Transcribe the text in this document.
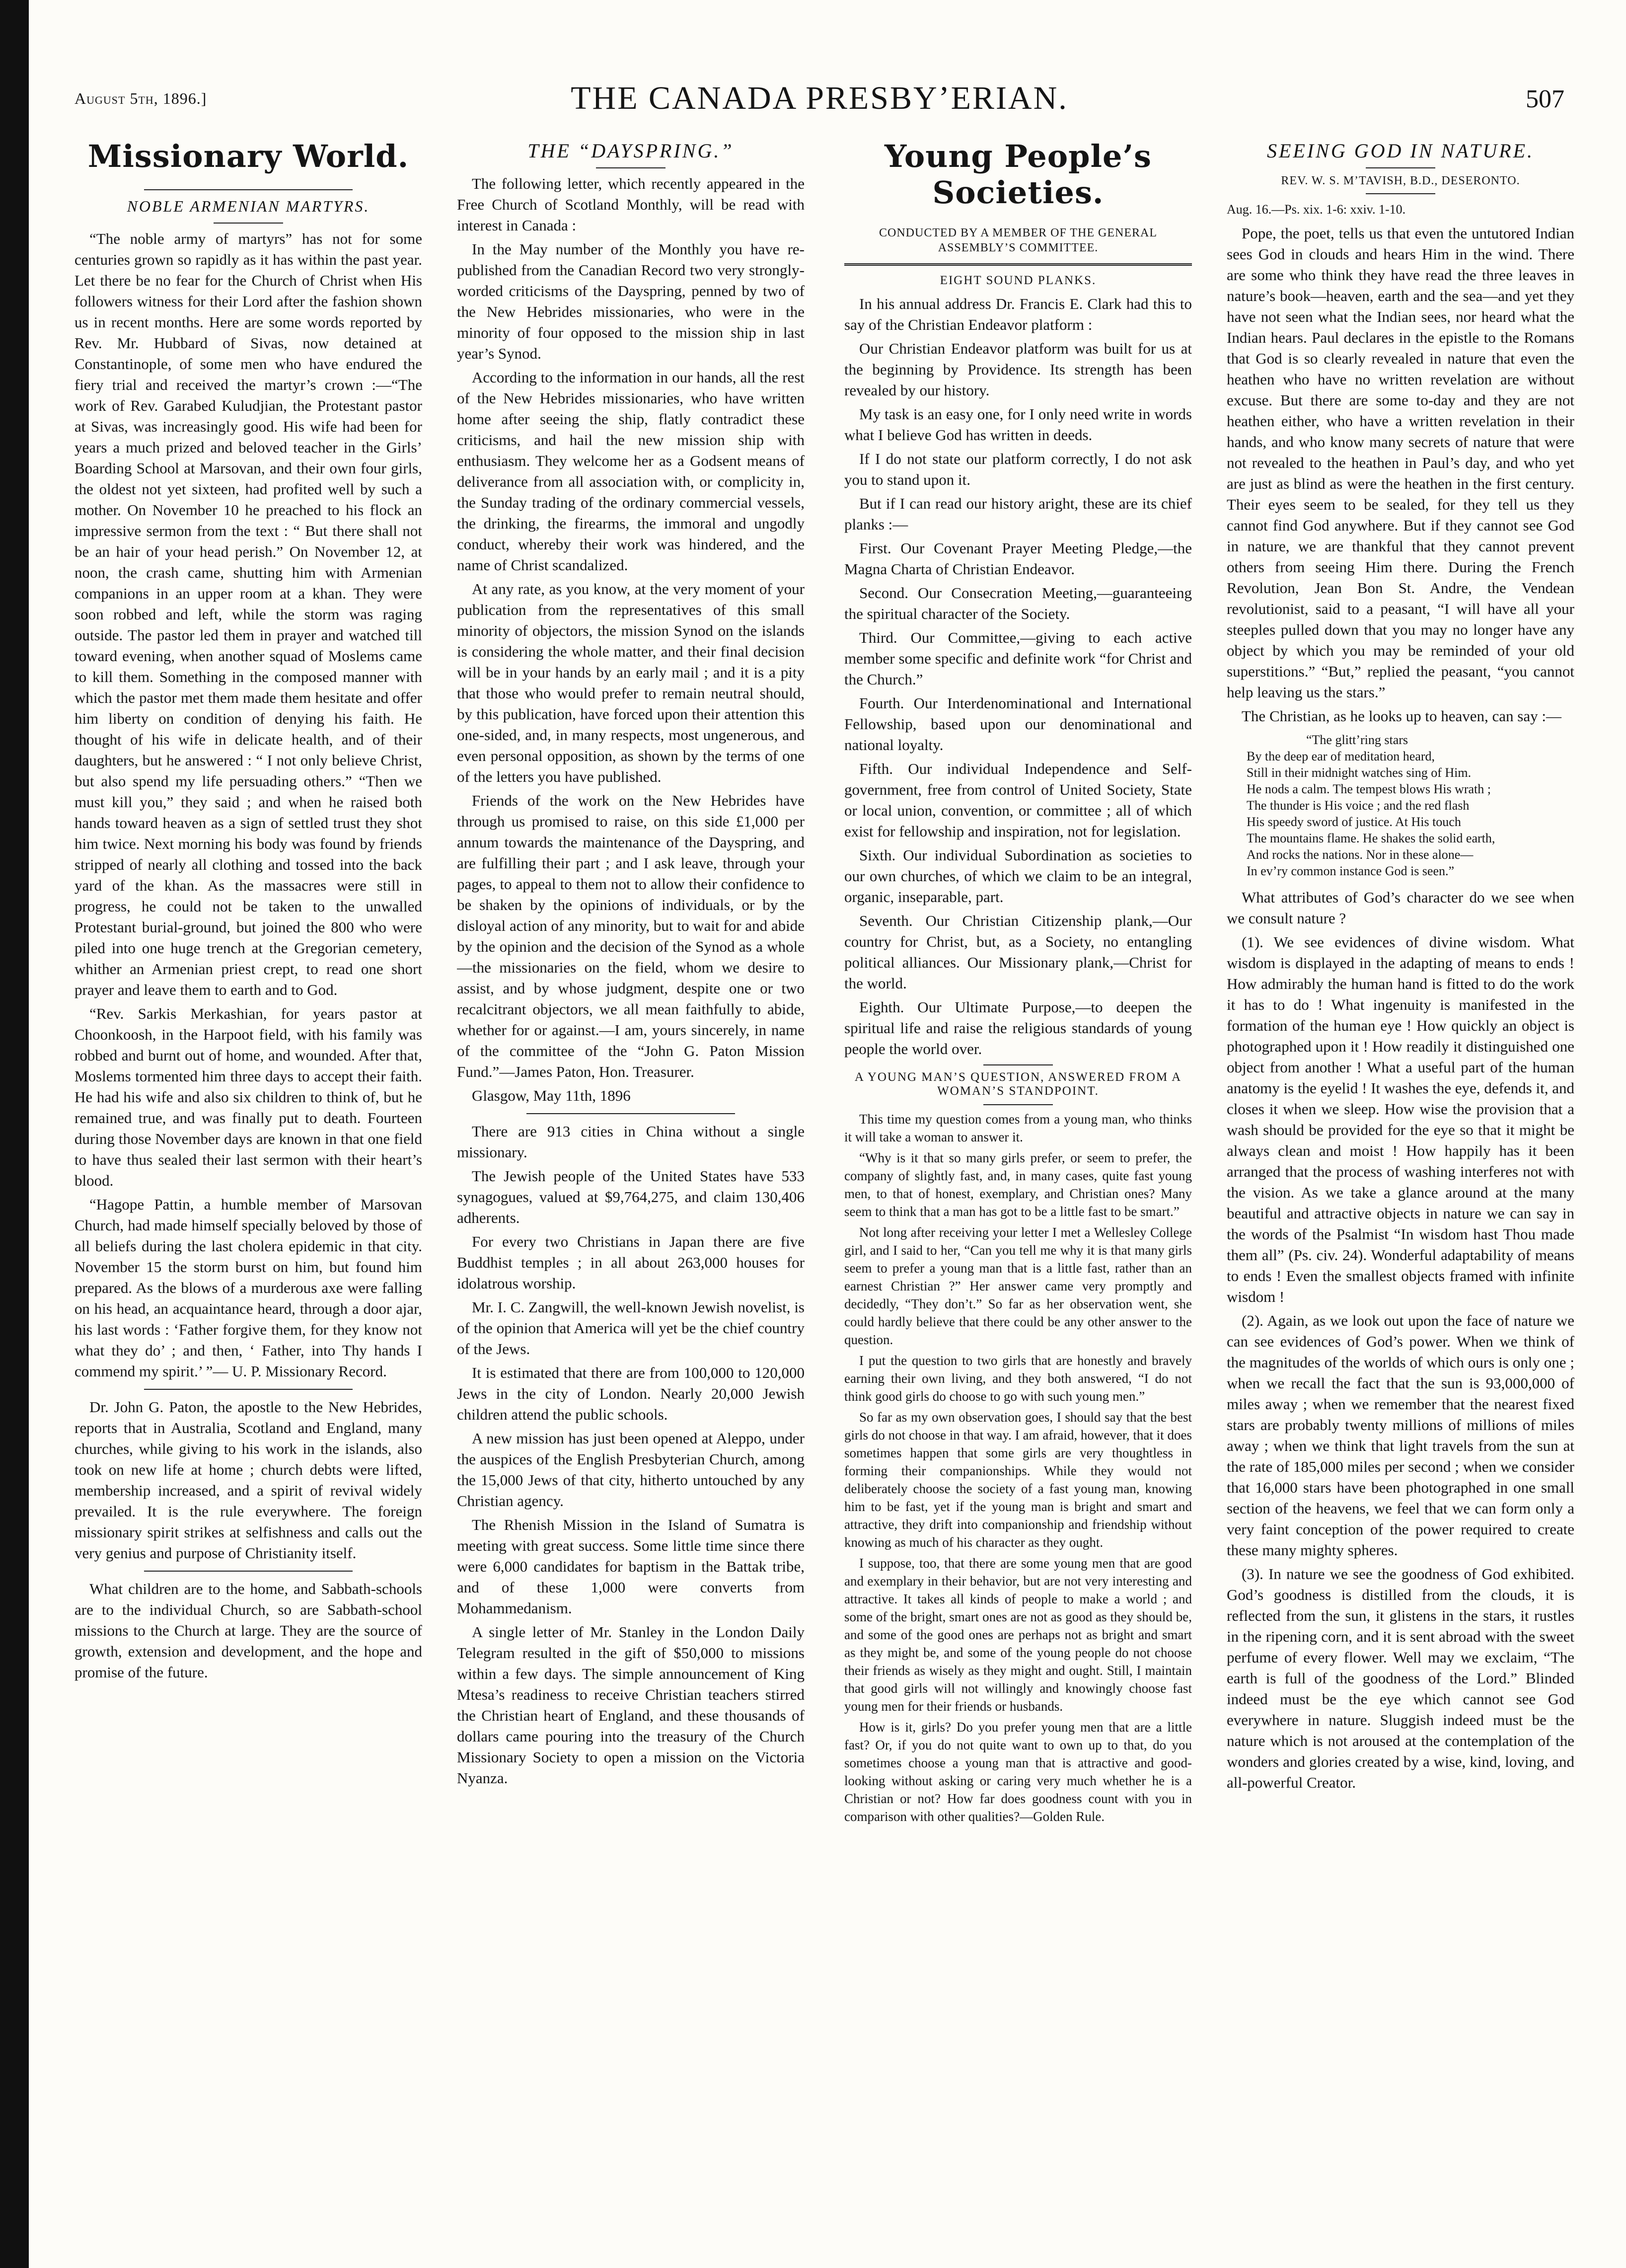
August 5th, 1896.]	THE CANADA PRESBY’ERIAN.	507
Missionary World.
NOBLE ARMENIAN MARTYRS.

“The noble army of martyrs” has not for some centuries grown so rapidly as it has within the past year. Let there be no fear for the Church of Christ when His followers witness for their Lord after the fashion shown us in recent months. Here are some words reported by Rev. Mr. Hubbard of Sivas, now detained at Constantinople, of some men who have endured the fiery trial and received the martyr’s crown :—“The work of Rev. Garabed Kuludjian, the Protestant pastor at Sivas, was increasingly good. His wife had been for years a much prized and beloved teacher in the Girls’ Boarding School at Marsovan, and their own four girls, the oldest not yet sixteen, had profited well by such a mother. On November 10 he preached to his flock an impressive sermon from the text : “ But there shall not be an hair of your head perish.” On November 12, at noon, the crash came, shutting him with Armenian companions in an upper room at a khan. They were soon robbed and left, while the storm was raging outside. The pastor led them in prayer and watched till toward evening, when another squad of Moslems came to kill them. Something in the composed manner with which the pastor met them made them hesitate and offer him liberty on condition of denying his faith. He thought of his wife in delicate health, and of their daughters, but he answered : “ I not only believe Christ, but also spend my life persuading others.” “Then we must kill you,” they said ; and when he raised both hands toward heaven as a sign of settled trust they shot him twice. Next morning his body was found by friends stripped of nearly all clothing and tossed into the back yard of the khan. As the massacres were still in progress, he could not be taken to the unwalled Protestant burial-ground, but joined the 800 who were piled into one huge trench at the Gregorian cemetery, whither an Armenian priest crept, to read one short prayer and leave them to earth and to God.

“Rev. Sarkis Merkashian, for years pastor at Choonkoosh, in the Harpoot field, with his family was robbed and burnt out of home, and wounded. After that, Moslems tormented him three days to accept their faith. He had his wife and also six children to think of, but he remained true, and was finally put to death. Fourteen during those November days are known in that one field to have thus sealed their last sermon with their heart’s blood.

“Hagope Pattin, a humble member of Marsovan Church, had made himself specially beloved by those of all beliefs during the last cholera epidemic in that city. November 15 the storm burst on him, but found him prepared. As the blows of a murderous axe were falling on his head, an acquaintance heard, through a door ajar, his last words : ‘Father forgive them, for they know not what they do’ ; and then, ‘ Father, into Thy hands I commend my spirit.’ ”— U. P. Missionary Record.

Dr. John G. Paton, the apostle to the New Hebrides, reports that in Australia, Scotland and England, many churches, while giving to his work in the islands, also took on new life at home ; church debts were lifted, membership increased, and a spirit of revival widely prevailed. It is the rule everywhere. The foreign missionary spirit strikes at selfishness and calls out the very genius and purpose of Christianity itself.

What children are to the home, and Sabbath-schools are to the individual Church, so are Sabbath-school missions to the Church at large. They are the source of growth, extension and development, and the hope and promise of the future.

THE “DAYSPRING.”

The following letter, which recently appeared in the Free Church of Scotland Monthly, will be read with interest in Canada :

In the May number of the Monthly you have re-published from the Canadian Record two very strongly-worded criticisms of the Dayspring, penned by two of the New Hebrides missionaries, who were in the minority of four opposed to the mission ship in last year’s Synod.

According to the information in our hands, all the rest of the New Hebrides missionaries, who have written home after seeing the ship, flatly contradict these criticisms, and hail the new mission ship with enthusiasm. They welcome her as a Godsent means of deliverance from all association with, or complicity in, the Sunday trading of the ordinary commercial vessels, the drinking, the firearms, the immoral and ungodly conduct, whereby their work was hindered, and the name of Christ scandalized.

At any rate, as you know, at the very moment of your publication from the representatives of this small minority of objectors, the mission Synod on the islands is considering the whole matter, and their final decision will be in your hands by an early mail ; and it is a pity that those who would prefer to remain neutral should, by this publication, have forced upon their attention this one-sided, and, in many respects, most ungenerous, and even personal opposition, as shown by the terms of one of the letters you have published.

Friends of the work on the New Hebrides have through us promised to raise, on this side £1,000 per annum towards the maintenance of the Dayspring, and are fulfilling their part ; and I ask leave, through your pages, to appeal to them not to allow their confidence to be shaken by the opinions of individuals, or by the disloyal action of any minority, but to wait for and abide by the opinion and the decision of the Synod as a whole—the missionaries on the field, whom we desire to assist, and by whose judgment, despite one or two recalcitrant objectors, we all mean faithfully to abide, whether for or against.—I am, yours sincerely, in name of the committee of the “John G. Paton Mission Fund.”—James Paton, Hon. Treasurer.

Glasgow, May 11th, 1896

There are 913 cities in China without a single missionary.

The Jewish people of the United States have 533 synagogues, valued at $9,764,275, and claim 130,406 adherents.

For every two Christians in Japan there are five Buddhist temples ; in all about 263,000 houses for idolatrous worship.

Mr. I. C. Zangwill, the well-known Jewish novelist, is of the opinion that America will yet be the chief country of the Jews.

It is estimated that there are from 100,000 to 120,000 Jews in the city of London. Nearly 20,000 Jewish children attend the public schools.

A new mission has just been opened at Aleppo, under the auspices of the English Presbyterian Church, among the 15,000 Jews of that city, hitherto untouched by any Christian agency.

The Rhenish Mission in the Island of Sumatra is meeting with great success. Some little time since there were 6,000 candidates for baptism in the Battak tribe, and of these 1,000 were converts from Mohammedanism.

A single letter of Mr. Stanley in the London Daily Telegram resulted in the gift of $50,000 to missions within a few days. The simple announcement of King Mtesa’s readiness to receive Christian teachers stirred the Christian heart of England, and these thousands of dollars came pouring into the treasury of the Church Missionary Society to open a mission on the Victoria Nyanza.

Young People’s Societies.
CONDUCTED BY A MEMBER OF THE GENERAL ASSEMBLY’S COMMITTEE.
EIGHT SOUND PLANKS.

In his annual address Dr. Francis E. Clark had this to say of the Christian Endeavor platform :

Our Christian Endeavor platform was built for us at the beginning by Providence. Its strength has been revealed by our history.

My task is an easy one, for I only need write in words what I believe God has written in deeds.

If I do not state our platform correctly, I do not ask you to stand upon it.

But if I can read our history aright, these are its chief planks :—

First. Our Covenant Prayer Meeting Pledge,—the Magna Charta of Christian Endeavor.

Second. Our Consecration Meeting,—guaranteeing the spiritual character of the Society.

Third. Our Committee,—giving to each active member some specific and definite work “for Christ and the Church.”

Fourth. Our Interdenominational and International Fellowship, based upon our denominational and national loyalty.

Fifth. Our individual Independence and Self-government, free from control of United Society, State or local union, convention, or committee ; all of which exist for fellowship and inspiration, not for legislation.

Sixth. Our individual Subordination as societies to our own churches, of which we claim to be an integral, organic, inseparable, part.

Seventh. Our Christian Citizenship plank,—Our country for Christ, but, as a Society, no entangling political alliances. Our Missionary plank,—Christ for the world.

Eighth. Our Ultimate Purpose,—to deepen the spiritual life and raise the religious standards of young people the world over.

A YOUNG MAN’S QUESTION, ANSWERED FROM A WOMAN’S STANDPOINT.

This time my question comes from a young man, who thinks it will take a woman to answer it.

“Why is it that so many girls prefer, or seem to prefer, the company of slightly fast, and, in many cases, quite fast young men, to that of honest, exemplary, and Christian ones? Many seem to think that a man has got to be a little fast to be smart.”

Not long after receiving your letter I met a Wellesley College girl, and I said to her, “Can you tell me why it is that many girls seem to prefer a young man that is a little fast, rather than an earnest Christian ?” Her answer came very promptly and decidedly, “They don’t.” So far as her observation went, she could hardly believe that there could be any other answer to the question.

I put the question to two girls that are honestly and bravely earning their own living, and they both answered, “I do not think good girls do choose to go with such young men.”

So far as my own observation goes, I should say that the best girls do not choose in that way. I am afraid, however, that it does sometimes happen that some girls are very thoughtless in forming their companionships. While they would not deliberately choose the society of a fast young man, knowing him to be fast, yet if the young man is bright and smart and attractive, they drift into companionship and friendship without knowing as much of his character as they ought.

I suppose, too, that there are some young men that are good and exemplary in their behavior, but are not very interesting and attractive. It takes all kinds of people to make a world ; and some of the bright, smart ones are not as good as they should be, and some of the good ones are perhaps not as bright and smart as they might be, and some of the young people do not choose their friends as wisely as they might and ought. Still, I maintain that good girls will not willingly and knowingly choose fast young men for their friends or husbands.

How is it, girls? Do you prefer young men that are a little fast? Or, if you do not quite want to own up to that, do you sometimes choose a young man that is attractive and good-looking without asking or caring very much whether he is a Christian or not? How far does goodness count with you in comparison with other qualities?—Golden Rule.

SEEING GOD IN NATURE.
REV. W. S. M’TAVISH, B.D., DESERONTO.

Aug. 16.—Ps. xix. 1-6: xxiv. 1-10.

Pope, the poet, tells us that even the untutored Indian sees God in clouds and hears Him in the wind. There are some who think they have read the three leaves in nature’s book—heaven, earth and the sea—and yet they have not seen what the Indian sees, nor heard what the Indian hears. Paul declares in the epistle to the Romans that God is so clearly revealed in nature that even the heathen who have no written revelation are without excuse. But there are some to-day and they are not heathen either, who have a written revelation in their hands, and who know many secrets of nature that were not revealed to the heathen in Paul’s day, and who yet are just as blind as were the heathen in the first century. Their eyes seem to be sealed, for they tell us they cannot find God anywhere. But if they cannot see God in nature, we are thankful that they cannot prevent others from seeing Him there. During the French Revolution, Jean Bon St. Andre, the Vendean revolutionist, said to a peasant, “I will have all your steeples pulled down that you may no longer have any object by which you may be reminded of your old superstitions.” “But,” replied the peasant, “you cannot help leaving us the stars.”

The Christian, as he looks up to heaven, can say :—

“The glitt’ring stars
By the deep ear of meditation heard,
Still in their midnight watches sing of Him.
He nods a calm. The tempest blows His wrath ;
The thunder is His voice ; and the red flash
His speedy sword of justice. At His touch
The mountains flame. He shakes the solid earth,
And rocks the nations. Nor in these alone—
In ev’ry common instance God is seen.”

What attributes of God’s character do we see when we consult nature ?

(1). We see evidences of divine wisdom. What wisdom is displayed in the adapting of means to ends ! How admirably the human hand is fitted to do the work it has to do ! What ingenuity is manifested in the formation of the human eye ! How quickly an object is photographed upon it ! How readily it distinguished one object from another ! What a useful part of the human anatomy is the eyelid ! It washes the eye, defends it, and closes it when we sleep. How wise the provision that a wash should be provided for the eye so that it might be always clean and moist ! How happily has it been arranged that the process of washing interferes not with the vision. As we take a glance around at the many beautiful and attractive objects in nature we can say in the words of the Psalmist “In wisdom hast Thou made them all” (Ps. civ. 24). Wonderful adaptability of means to ends ! Even the smallest objects framed with infinite wisdom !

(2). Again, as we look out upon the face of nature we can see evidences of God’s power. When we think of the magnitudes of the worlds of which ours is only one ; when we recall the fact that the sun is 93,000,000 of miles away ; when we remember that the nearest fixed stars are probably twenty millions of millions of miles away ; when we think that light travels from the sun at the rate of 185,000 miles per second ; when we consider that 16,000 stars have been photographed in one small section of the heavens, we feel that we can form only a very faint conception of the power required to create these many mighty spheres.

(3). In nature we see the goodness of God exhibited. God’s goodness is distilled from the clouds, it is reflected from the sun, it glistens in the stars, it rustles in the ripening corn, and it is sent abroad with the sweet perfume of every flower. Well may we exclaim, “The earth is full of the goodness of the Lord.” Blinded indeed must be the eye which cannot see God everywhere in nature. Sluggish indeed must be the nature which is not aroused at the contemplation of the wonders and glories created by a wise, kind, loving, and all-powerful Creator.
